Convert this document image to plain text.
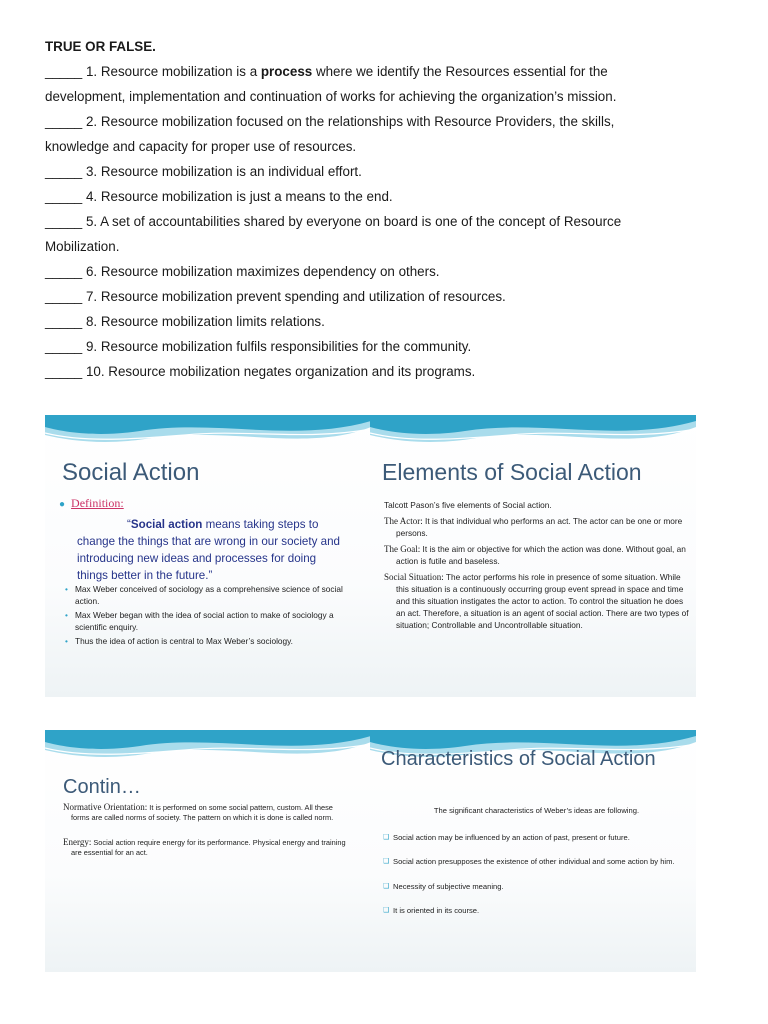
TRUE OR FALSE.
_____ 1. Resource mobilization is a process where we identify the Resources essential for the
development, implementation and continuation of works for achieving the organization’s mission.
_____ 2. Resource mobilization focused on the relationships with Resource Providers, the skills,
knowledge and capacity for proper use of resources.
_____ 3. Resource mobilization is an individual effort.
_____ 4. Resource mobilization is just a means to the end.
_____ 5. A set of accountabilities shared by everyone on board is one of the concept of Resource
Mobilization.
_____ 6. Resource mobilization maximizes dependency on others.
_____ 7. Resource mobilization prevent spending and utilization of resources.
_____ 8. Resource mobilization limits relations.
_____ 9. Resource mobilization fulfils responsibilities for the community.
_____ 10. Resource mobilization negates organization and its programs.
Social Action
● Definition:
“Social action means taking steps to change the things that are wrong in our society and introducing new ideas and processes for doing things better in the future.”
• Max Weber conceived of sociology as a comprehensive science of social action.
• Max Weber began with the idea of social action to make of sociology a scientific enquiry.
• Thus the idea of action is central to Max Weber’s sociology.
Elements of Social Action
Talcott Pason’s five elements of Social action.
The Actor: It is that individual who performs an act. The actor can be one or more persons.
The Goal: It is the aim or objective for which the action was done. Without goal, an action is futile and baseless.
Social Situation: The actor performs his role in presence of some situation. While this situation is a continuously occurring group event spread in space and time and this situation instigates the actor to action. To control the situation he does an act. Therefore, a situation is an agent of social action. There are two types of situation; Controllable and Uncontrollable situation.
Contin…
Normative Orientation: It is performed on some social pattern, custom. All these forms are called norms of society. The pattern on which it is done is called norm.
Energy: Social action require energy for its performance. Physical energy and training are essential for an act.
Characteristics of Social Action
The significant characteristics of Weber’s ideas are following.
❑ Social action may be influenced by an action of past, present or future.
❑ Social action presupposes the existence of other individual and some action by him.
❑ Necessity of subjective meaning.
❑ It is oriented in its course.
